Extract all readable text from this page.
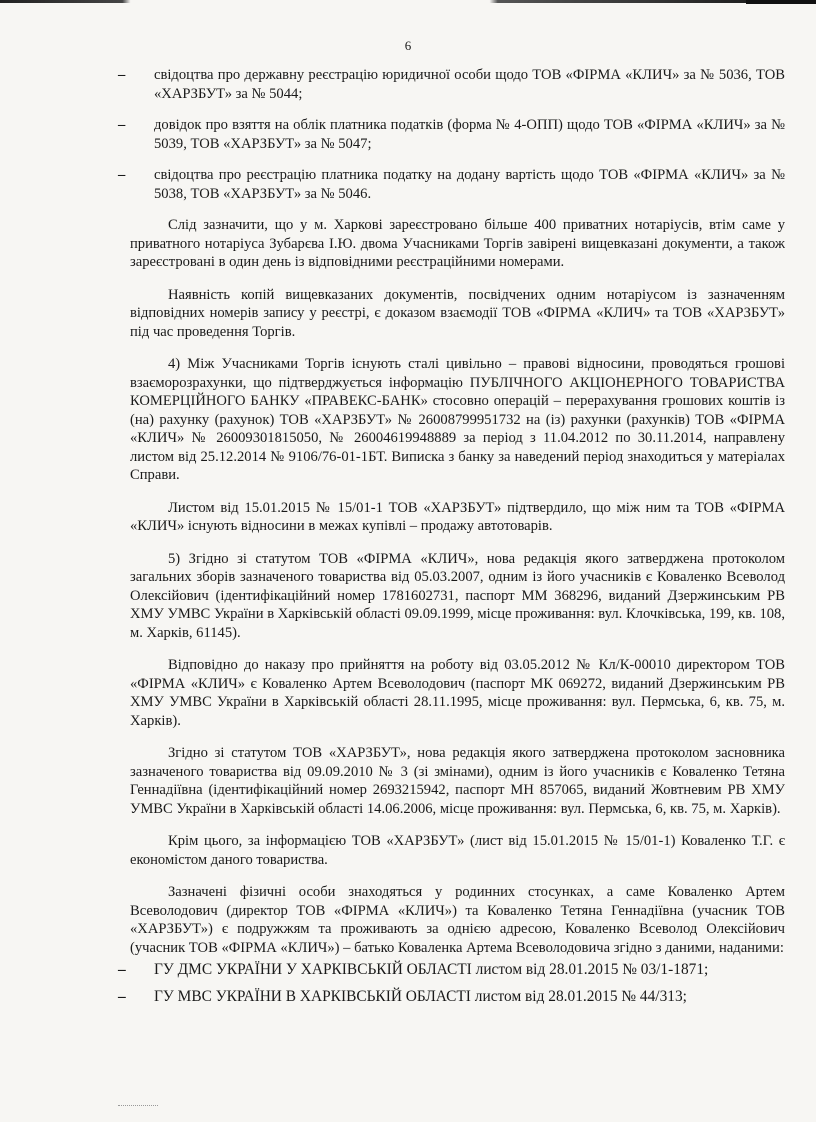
6
– свідоцтва про державну реєстрацію юридичної особи щодо ТОВ «ФІРМА «КЛИЧ» за № 5036, ТОВ «ХАРЗБУТ» за № 5044;
– довідок про взяття на облік платника податків (форма № 4-ОПП) щодо ТОВ «ФІРМА «КЛИЧ» за № 5039, ТОВ «ХАРЗБУТ» за № 5047;
– свідоцтва про реєстрацію платника податку на додану вартість щодо ТОВ «ФІРМА «КЛИЧ» за № 5038, ТОВ «ХАРЗБУТ» за № 5046.

Слід зазначити, що у м. Харкові зареєстровано більше 400 приватних нотаріусів, втім саме у приватного нотаріуса Зубарєва І.Ю. двома Учасниками Торгів завірені вищевказані документи, а також зареєстровані в один день із відповідними реєстраційними номерами.

Наявність копій вищевказаних документів, посвідчених одним нотаріусом із зазначенням відповідних номерів запису у реєстрі, є доказом взаємодії ТОВ «ФІРМА «КЛИЧ» та ТОВ «ХАРЗБУТ» під час проведення Торгів.

4) Між Учасниками Торгів існують сталі цивільно – правові відносини, проводяться грошові взаєморозрахунки, що підтверджується інформацію ПУБЛІЧНОГО АКЦІОНЕРНОГО ТОВАРИСТВА КОМЕРЦІЙНОГО БАНКУ «ПРАВЕКС-БАНК» стосовно операцій – перерахування грошових коштів із (на) рахунку (рахунок) ТОВ «ХАРЗБУТ» № 26008799951732 на (із) рахунки (рахунків) ТОВ «ФІРМА «КЛИЧ» № 26009301815050, № 26004619948889 за період з 11.04.2012 по 30.11.2014, направлену листом від 25.12.2014 № 9106/76-01-1БТ. Виписка з банку за наведений період знаходиться у матеріалах Справи.

Листом від 15.01.2015 № 15/01-1 ТОВ «ХАРЗБУТ» підтвердило, що між ним та ТОВ «ФІРМА «КЛИЧ» існують відносини в межах купівлі – продажу автотоварів.

5) Згідно зі статутом ТОВ «ФІРМА «КЛИЧ», нова редакція якого затверджена протоколом загальних зборів зазначеного товариства від 05.03.2007, одним із його учасників є Коваленко Всеволод Олексійович (ідентифікаційний номер 1781602731, паспорт ММ 368296, виданий Дзержинським РВ ХМУ УМВС України в Харківській області 09.09.1999, місце проживання: вул. Клочківська, 199, кв. 108, м. Харків, 61145).

Відповідно до наказу про прийняття на роботу від 03.05.2012 № Кл/К-00010 директором ТОВ «ФІРМА «КЛИЧ» є Коваленко Артем Всеволодович (паспорт МК 069272, виданий Дзержинським РВ ХМУ УМВС України в Харківській області 28.11.1995, місце проживання: вул. Пермська, 6, кв. 75, м. Харків).

Згідно зі статутом ТОВ «ХАРЗБУТ», нова редакція якого затверджена протоколом засновника зазначеного товариства від 09.09.2010 № 3 (зі змінами), одним із його учасників є Коваленко Тетяна Геннадіївна (ідентифікаційний номер 2693215942, паспорт МН 857065, виданий Жовтневим РВ ХМУ УМВС України в Харківській області 14.06.2006, місце проживання: вул. Пермська, 6, кв. 75, м. Харків).

Крім цього, за інформацією ТОВ «ХАРЗБУТ» (лист від 15.01.2015 № 15/01-1) Коваленко Т.Г. є економістом даного товариства.

Зазначені фізичні особи знаходяться у родинних стосунках, а саме Коваленко Артем Всеволодович (директор ТОВ «ФІРМА «КЛИЧ») та Коваленко Тетяна Геннадіївна (учасник ТОВ «ХАРЗБУТ») є подружжям та проживають за однією адресою, Коваленко Всеволод Олексійович (учасник ТОВ «ФІРМА «КЛИЧ») – батько Коваленка Артема Всеволодовича згідно з даними, наданими:

– ГУ ДМС УКРАЇНИ У ХАРКІВСЬКІЙ ОБЛАСТІ листом від 28.01.2015 № 03/1-1871;
– ГУ МВС УКРАЇНИ В ХАРКІВСЬКІЙ ОБЛАСТІ листом від 28.01.2015 № 44/313;
